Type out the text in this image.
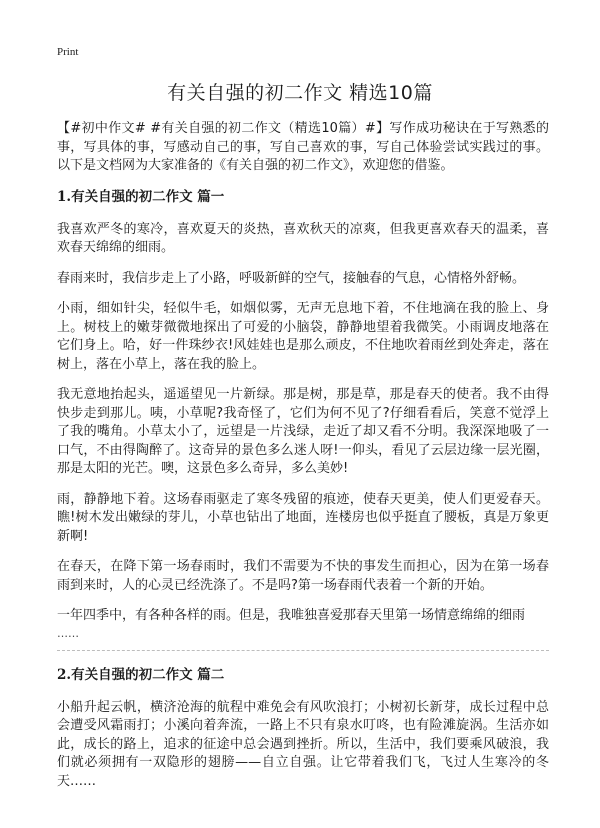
Print
有关自强的初二作文 精选10篇

【#初中作文# #有关自强的初二作文（精选10篇）#】写作成功秘诀在于写熟悉的事，写具体的事，写感动自己的事，写自己喜欢的事，写自己体验尝试实践过的事。以下是文档网为大家准备的《有关自强的初二作文》，欢迎您的借鉴。

1.有关自强的初二作文 篇一

我喜欢严冬的寒冷，喜欢夏天的炎热，喜欢秋天的凉爽，但我更喜欢春天的温柔，喜欢春天绵绵的细雨。

春雨来时，我信步走上了小路，呼吸新鲜的空气，接触春的气息，心情格外舒畅。

小雨，细如针尖，轻似牛毛，如烟似雾，无声无息地下着，不住地滴在我的脸上、身上。树枝上的嫩芽微微地探出了可爱的小脑袋，静静地望着我微笑。小雨调皮地落在它们身上。哈，好一件珠纱衣!风娃娃也是那么顽皮，不住地吹着雨丝到处奔走，落在树上，落在小草上，落在我的脸上。

我无意地抬起头，遥遥望见一片新绿。那是树，那是草，那是春天的使者。我不由得快步走到那儿。咦，小草呢?我奇怪了，它们为何不见了?仔细看看后，笑意不觉浮上了我的嘴角。小草太小了，远望是一片浅绿，走近了却又看不分明。我深深地吸了一口气，不由得陶醉了。这奇异的景色多么迷人呀!一仰头，看见了云层边缘一层光圈，那是太阳的光芒。噢，这景色多么奇异，多么美妙!

雨，静静地下着。这场春雨驱走了寒冬残留的痕迹，使春天更美，使人们更爱春天。瞧!树木发出嫩绿的芽儿，小草也钻出了地面，连楼房也似乎挺直了腰板，真是万象更新啊!

在春天，在降下第一场春雨时，我们不需要为不快的事发生而担心，因为在第一场春雨到来时，人的心灵已经洗涤了。不是吗?第一场春雨代表着一个新的开始。

一年四季中，有各种各样的雨。但是，我唯独喜爱那春天里第一场情意绵绵的细雨

……

2.有关自强的初二作文 篇二

小船升起云帆，横济沧海的航程中难免会有风吹浪打；小树初长新芽，成长过程中总会遭受风霜雨打；小溪向着奔流，一路上不只有泉水叮咚，也有险滩旋涡。生活亦如此，成长的路上，追求的征途中总会遇到挫折。所以，生活中，我们要乘风破浪，我们就必须拥有一双隐形的翅膀——自立自强。让它带着我们飞，飞过人生寒冷的冬天……
